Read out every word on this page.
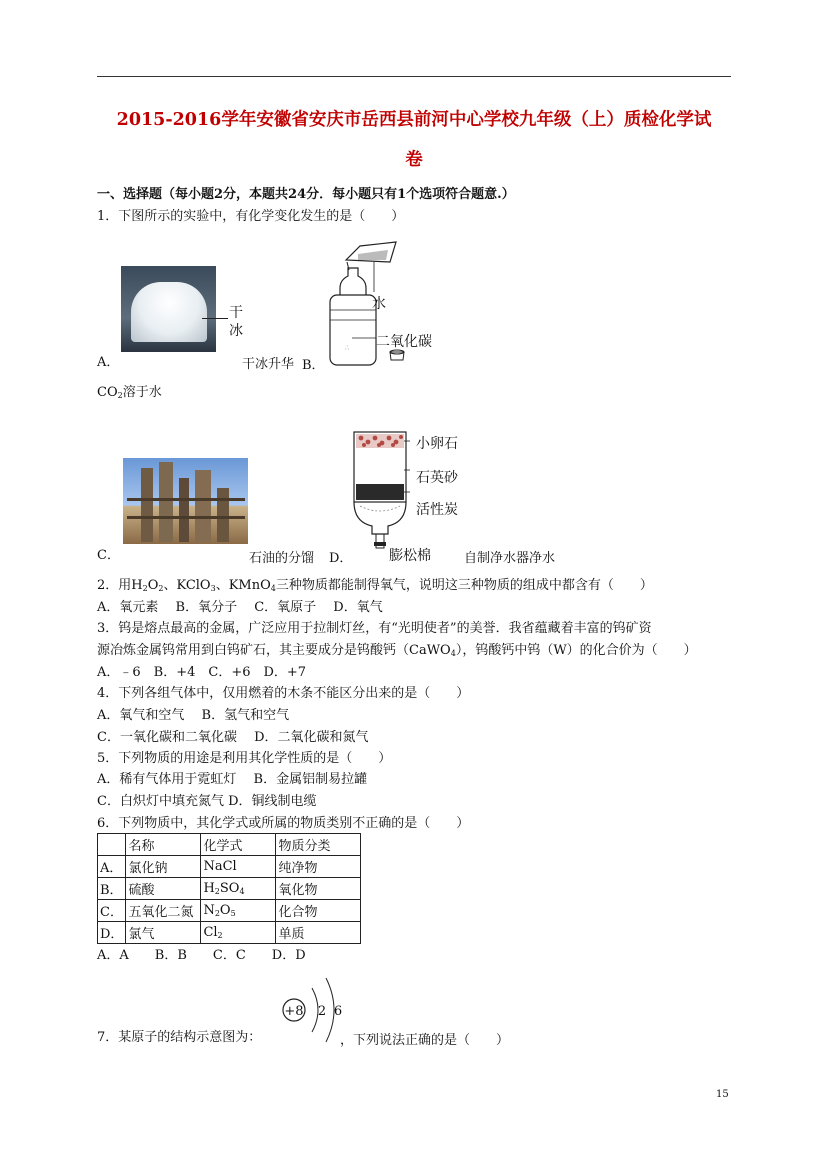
2015-2016学年安徽省安庆市岳西县前河中心学校九年级（上）质检化学试
卷
一、选择题（每小题2分，本题共24分．每小题只有1个选项符合题意.）
1．下图所示的实验中，有化学变化发生的是（　　）
干
冰
A．	干冰升华 B．
∴
水
二氧化碳
$CO_2$溶于水
C．	石油的分馏 D．
小卵石
石英砂
活性炭
膨松棉	自制净水器净水
2．用$H_2O_2$、KClO$_3$、KMnO$_4$三种物质都能制得氧气，说明这三种物质的组成中都含有（　　）
A．氧元素　 B．氧分子　 C．氧原子　 D．氧气
3．钨是熔点最高的金属，广泛应用于拉制灯丝，有“光明使者”的美誉．我省蕴藏着丰富的钨矿资
源冶炼金属钨常用到白钨矿石，其主要成分是钨酸钙（CaWO$_4$），钨酸钙中钨（W）的化合价为（　　）
A．﹣6　B．+4　C．+6　D．+7
4．下列各组气体中，仅用燃着的木条不能区分出来的是（　　）
A．氧气和空气　 B．氢气和空气
C．一氧化碳和二氧化碳　 D．二氧化碳和氮气
5．下列物质的用途是利用其化学性质的是（　　）
A．稀有气体用于霓虹灯　 B．金属铝制易拉罐
C．白炽灯中填充氮气 D．铜线制电缆
6．下列物质中，其化学式或所属的物质类别不正确的是（　　）
	名称	化学式	物质分类
A．	氯化钠	NaCl	纯净物
B．	硫酸	$H_2SO_4$	氧化物
C．	五氧化二氮	$N_2O_5$	化合物
D．	氯气	$Cl_2$	单质
A．A　　B．B　　C．C　　D．D
+8 2 6
7．某原子的结构示意图为：	，下列说法正确的是（　　）
15
